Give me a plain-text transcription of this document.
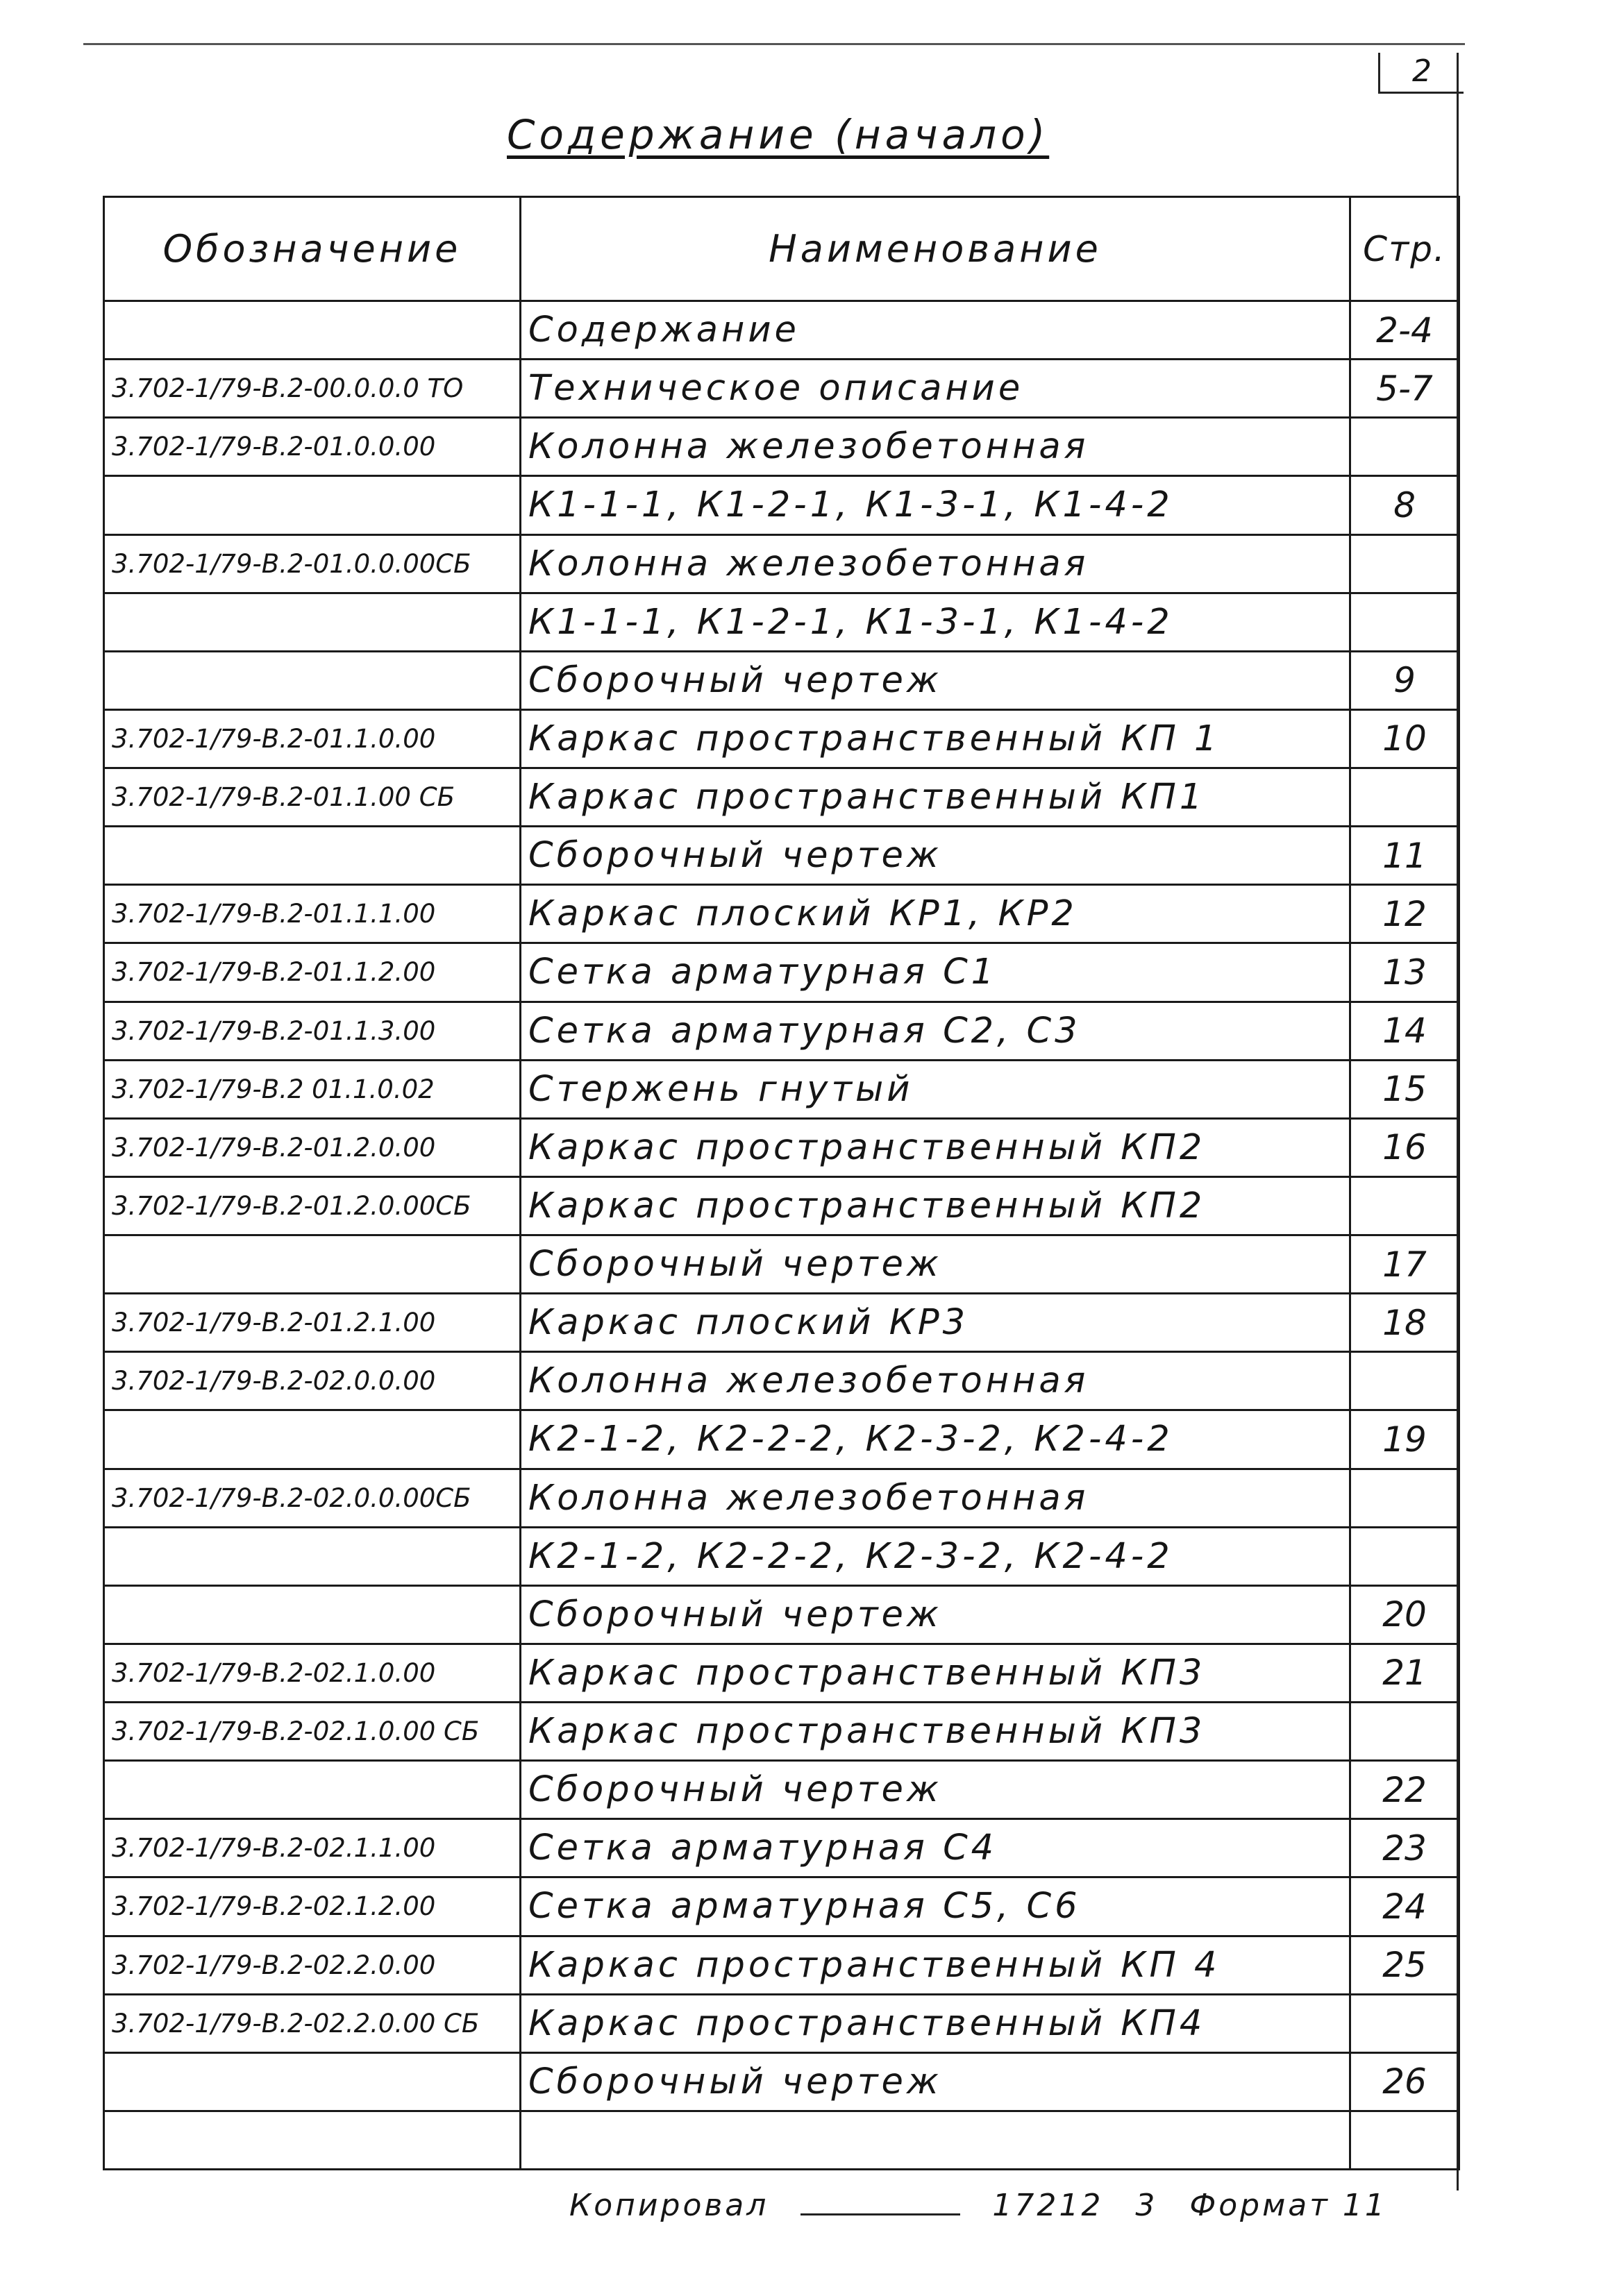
2
Содержание (начало)
Обозначение	Наименование	Стр.
	Содержание	2-4
3.702-1/79-В.2-00.0.0.0 ТО	Техническое описание	5-7
3.702-1/79-В.2-01.0.0.00	Колонна железобетонная	
	К1-1-1, К1-2-1, К1-3-1, К1-4-2	8
3.702-1/79-В.2-01.0.0.00СБ	Колонна железобетонная	
	К1-1-1, К1-2-1, К1-3-1, К1-4-2	
	Сборочный чертеж	9
3.702-1/79-В.2-01.1.0.00	Каркас пространственный КП 1	10
3.702-1/79-В.2-01.1.00 СБ	Каркас пространственный КП1	
	Сборочный чертеж	11
3.702-1/79-В.2-01.1.1.00	Каркас плоский КР1, КР2	12
3.702-1/79-В.2-01.1.2.00	Сетка арматурная С1	13
3.702-1/79-В.2-01.1.3.00	Сетка арматурная С2, С3	14
3.702-1/79-В.2 01.1.0.02	Стержень гнутый	15
3.702-1/79-В.2-01.2.0.00	Каркас пространственный КП2	16
3.702-1/79-В.2-01.2.0.00СБ	Каркас пространственный КП2	
	Сборочный чертеж	17
3.702-1/79-В.2-01.2.1.00	Каркас плоский КР3	18
3.702-1/79-В.2-02.0.0.00	Колонна железобетонная	
	К2-1-2, К2-2-2, К2-3-2, К2-4-2	19
3.702-1/79-В.2-02.0.0.00СБ	Колонна железобетонная	
	К2-1-2, К2-2-2, К2-3-2, К2-4-2	
	Сборочный чертеж	20
3.702-1/79-В.2-02.1.0.00	Каркас пространственный КП3	21
3.702-1/79-В.2-02.1.0.00 СБ	Каркас пространственный КП3	
	Сборочный чертеж	22
3.702-1/79-В.2-02.1.1.00	Сетка арматурная С4	23
3.702-1/79-В.2-02.1.2.00	Сетка арматурная С5, С6	24
3.702-1/79-В.2-02.2.0.00	Каркас пространственный КП 4	25
3.702-1/79-В.2-02.2.0.00 СБ	Каркас пространственный КП4	
	Сборочный чертеж	26

Копировал	17212 3 Формат 11
